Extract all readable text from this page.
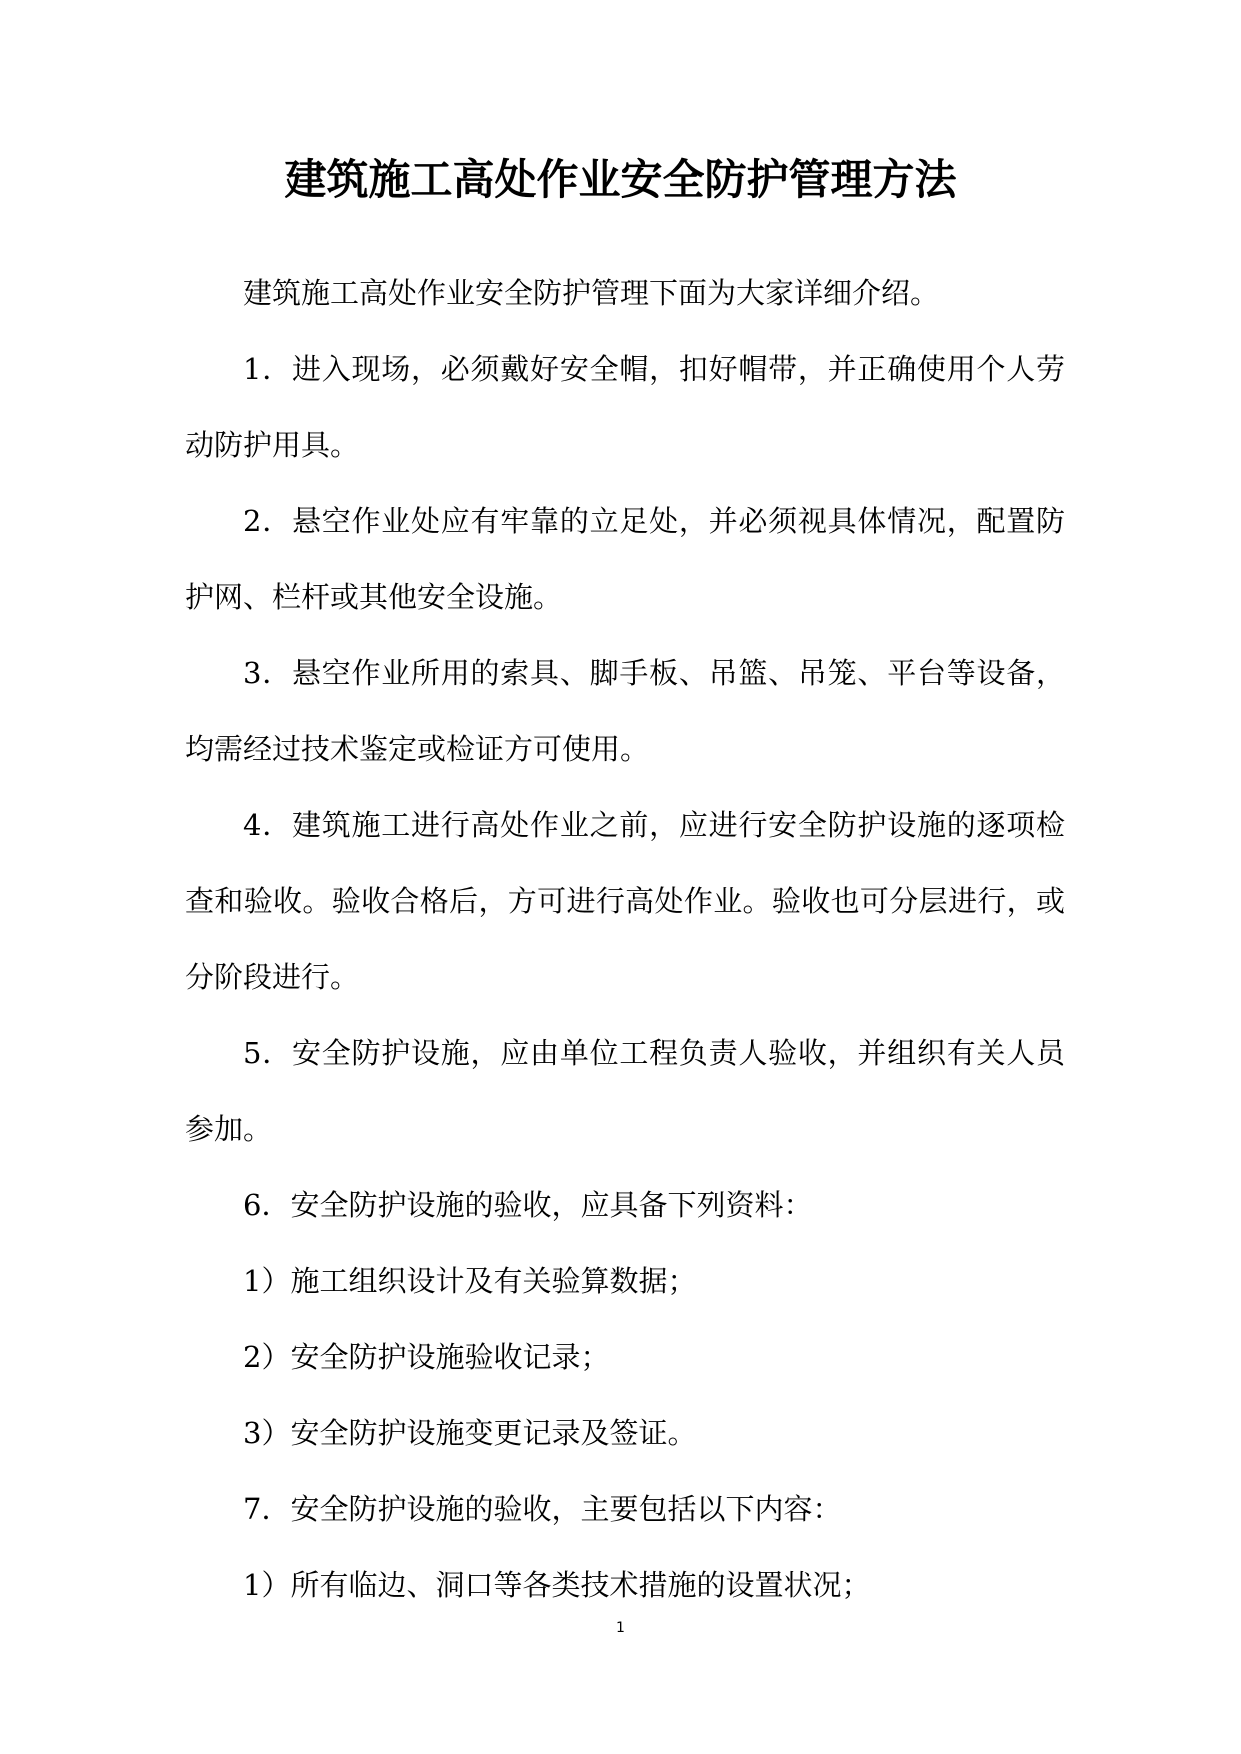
建筑施工高处作业安全防护管理方法

建筑施工高处作业安全防护管理下面为大家详细介绍。

1．进入现场，必须戴好安全帽，扣好帽带，并正确使用个人劳动防护用具。

2．悬空作业处应有牢靠的立足处，并必须视具体情况，配置防护网、栏杆或其他安全设施。

3．悬空作业所用的索具、脚手板、吊篮、吊笼、平台等设备，均需经过技术鉴定或检证方可使用。

4．建筑施工进行高处作业之前，应进行安全防护设施的逐项检查和验收。验收合格后，方可进行高处作业。验收也可分层进行，或分阶段进行。

5．安全防护设施，应由单位工程负责人验收，并组织有关人员参加。

6．安全防护设施的验收，应具备下列资料：

1）施工组织设计及有关验算数据；

2）安全防护设施验收记录；

3）安全防护设施变更记录及签证。

7．安全防护设施的验收，主要包括以下内容：

1）所有临边、洞口等各类技术措施的设置状况；

1
